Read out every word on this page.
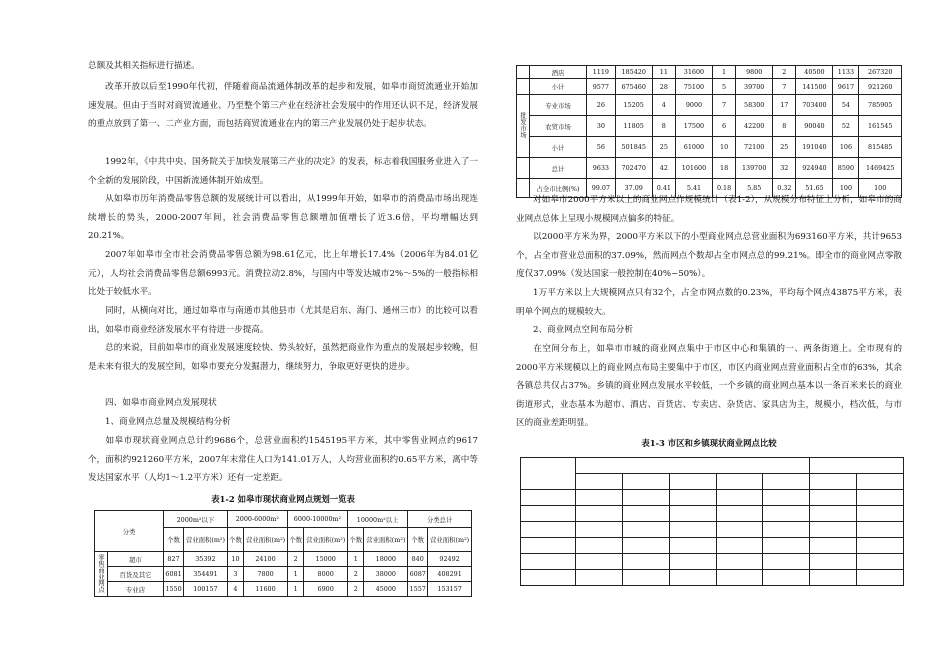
总额及其相关指标进行描述。

改革开放以后至1990年代初，伴随着商品流通体制改革的起步和发展，如皋市商贸流通业开始加速发展。但由于当时对商贸流通业、乃至整个第三产业在经济社会发展中的作用还认识不足，经济发展的重点放到了第一、二产业方面，而包括商贸流通业在内的第三产业发展仍处于起步状态。

1992年，《中共中央、国务院关于加快发展第三产业的决定》的发表，标志着我国服务业进入了一个全新的发展阶段，中国新流通体制开始成型。

从如皋市历年消费品零售总额的发展统计可以看出，从1999年开始，如皋市的消费品市场出现连续增长的势头，2000-2007年间，社会消费品零售总额增加值增长了近3.6倍，平均增幅达到20.21%。

2007年如皋市全市社会消费品零售总额为98.61亿元，比上年增长17.4%（2006年为84.01亿元），人均社会消费品零售总额6993元。消费拉动2.8%，与国内中等发达城市2%～5%的一般指标相比处于较低水平。

同时，从横向对比，通过如皋市与南通市其他县市（尤其是启东、海门、通州三市）的比较可以看出，如皋市商业经济发展水平有待进一步提高。

总的来说，目前如皋市的商业发展速度较快、势头较好，虽然把商业作为重点的发展起步较晚，但是未来有很大的发展空间，如皋市要充分发掘潜力，继续努力，争取更好更快的进步。

四、如皋市商业网点发展现状

1、商业网点总量及规模结构分析

如皋市现状商业网点总计约9686个，总营业面积约1545195平方米，其中零售业网点约9617个，面积约921260平方米，2007年末常住人口为141.01万人，人均营业面积约0.65平方米，离中等发达国家水平（人均1～1.2平方米）还有一定差距。

表1-2 如皋市现状商业网点规划一览表
分类		2000m²以下		2000-6000m²		6000-10000m²		10000m²以上		分类总计	
		个数	营业面积(m²)	个数	营业面积(m²)	个数	营业面积(m²)	个数	营业面积(m²)	个数	营业面积(m²)
零售商业网点	超市	827	35392	10	24100	2	15000	1	18000	840	92492
	百货及其它	6081	354491	3	7800	1	8000	2	38000	6087	408291
	专业店	1550	100157	4	11600	1	6900	2	45000	1557	153157
	酒店	1119	185420	11	31600	1	9800	2	40500	1133	267320
	小计	9577	675460	28	75100	5	39700	7	141500	9617	921260
批发市场	专业市场	26	15205	4	9000	7	58300	17	703400	54	785905
	农贸市场	30	11805	8	17500	6	42200	8	90040	52	161545
	小计	56	501845	25	61000	10	72100	25	191040	106	815485
	总计	9633	702470	42	101600	18	139700	32	924940	8590	1469425
	占全市比例(%)	99.07	37.09	0.41	5.41	0.18	5.85	0.32	51.65	100	100

对如皋市2000平方米以上的商业网点作规模统计（表1-2），从规模分布特征上分析，如皋市的商业网点总体上呈现小规模网点偏多的特征。

以2000平方米为界，2000平方米以下的小型商业网点总营业面积为693160平方米，共计9653个，占全市营业总面积的37.09%，然而网点个数却占全市网点总的99.21%。即全市的商业网点零散度仅37.09%（发达国家一般控制在40%~50%）。

1万平方米以上大规模网点只有32个，占全市网点数的0.23%，平均每个网点43875平方米，表明单个网点的规模较大。

2、商业网点空间布局分析

在空间分布上，如皋市市城的商业网点集中于市区中心和集镇的一、两条街道上。全市现有的2000平方米规模以上的商业网点布局主要集中于市区，市区内商业网点营业面积占全市的63%，其余各镇总共仅占37%。乡镇的商业网点发展水平较低，一个乡镇的商业网点基本以一条百米来长的商业街道形式，业态基本为超市、酒店、百货店、专卖店、杂货店、家具店为主，规模小，档次低，与市区的商业差距明显。

表1-3 市区和乡镇现状商业网点比较
